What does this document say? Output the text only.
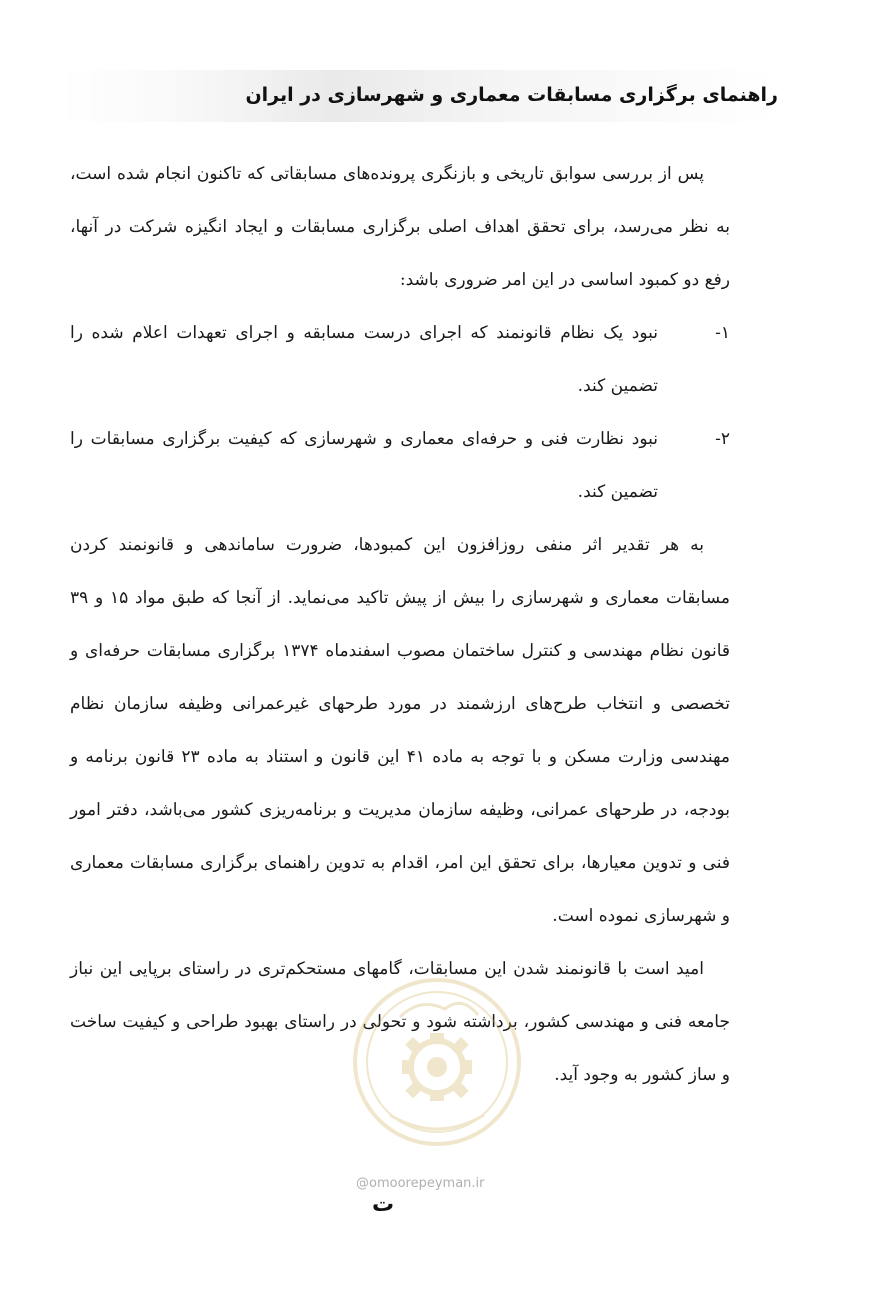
راهنمای برگزاری مسابقات معماری و شهرسازی در ایران

پس از بررسی سوابق تاریخی و بازنگری پرونده‌های مسابقاتی که تاکنون انجام شده است، به نظر می‌رسد، برای تحقق اهداف اصلی برگزاری مسابقات و ایجاد انگیزه شرکت در آنها، رفع دو کمبود اساسی در این امر ضروری باشد:

۱-نبود یک نظام قانونمند که اجرای درست مسابقه و اجرای تعهدات اعلام شده را تضمین کند.

۲-نبود نظارت فنی و حرفه‌ای معماری و شهرسازی که کیفیت برگزاری مسابقات را تضمین کند.

به هر تقدیر اثر منفی روزافزون این کمبودها، ضرورت ساماندهی و قانونمند کردن مسابقات معماری و شهرسازی را بیش از پیش تاکید می‌نماید. از آنجا که طبق مواد ۱۵ و ۳۹ قانون نظام مهندسی و کنترل ساختمان مصوب اسفندماه ۱۳۷۴ برگزاری مسابقات حرفه‌ای و تخصصی و انتخاب طرح‌های ارزشمند در مورد طرحهای غیرعمرانی وظیفه سازمان نظام مهندسی وزارت مسکن و با توجه به ماده ۴۱ این قانون و استناد به ماده ۲۳ قانون برنامه و بودجه، در طرحهای عمرانی، وظیفه سازمان مدیریت و برنامه‌ریزی کشور می‌باشد، دفتر امور فنی و تدوین معیارها، برای تحقق این امر، اقدام به تدوین راهنمای برگزاری مسابقات معماری و شهرسازی نموده است.

امید است با قانونمند شدن این مسابقات، گامهای مستحکم‌تری در راستای برپایی این نباز جامعه فنی و مهندسی کشور، برداشته شود و تحولی در راستای بهبود طراحی و کیفیت ساخت و ساز کشور به وجود آید.

@omoorepeyman.ir
ت
